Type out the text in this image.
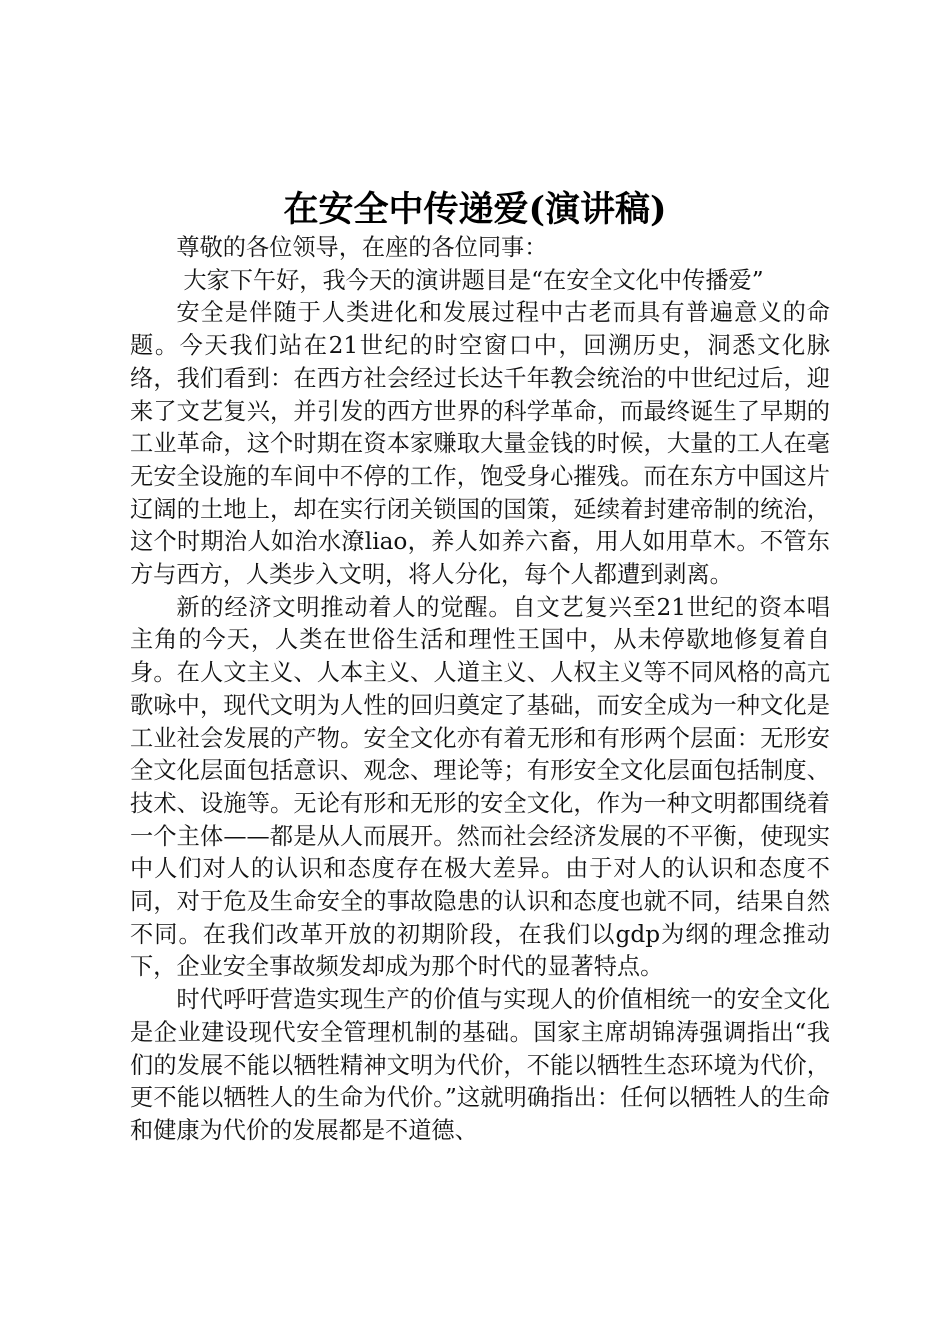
在安全中传递爱(演讲稿)

尊敬的各位领导，在座的各位同事：

大家下午好，我今天的演讲题目是“在安全文化中传播爱”

安全是伴随于人类进化和发展过程中古老而具有普遍意义的命题。今天我们站在21世纪的时空窗口中，回溯历史，洞悉文化脉络，我们看到：在西方社会经过长达千年教会统治的中世纪过后，迎来了文艺复兴，并引发的西方世界的科学革命，而最终诞生了早期的工业革命，这个时期在资本家赚取大量金钱的时候，大量的工人在毫无安全设施的车间中不停的工作，饱受身心摧残。而在东方中国这片辽阔的土地上，却在实行闭关锁国的国策，延续着封建帝制的统治，这个时期治人如治水潦liao，养人如养六畜，用人如用草木。不管东方与西方，人类步入文明，将人分化，每个人都遭到剥离。

新的经济文明推动着人的觉醒。自文艺复兴至21世纪的资本唱主角的今天，人类在世俗生活和理性王国中，从未停歇地修复着自身。在人文主义、人本主义、人道主义、人权主义等不同风格的高亢歌咏中，现代文明为人性的回归奠定了基础，而安全成为一种文化是工业社会发展的产物。安全文化亦有着无形和有形两个层面：无形安全文化层面包括意识、观念、理论等；有形安全文化层面包括制度、技术、设施等。无论有形和无形的安全文化，作为一种文明都围绕着一个主体——都是从人而展开。然而社会经济发展的不平衡，使现实中人们对人的认识和态度存在极大差异。由于对人的认识和态度不同，对于危及生命安全的事故隐患的认识和态度也就不同，结果自然不同。在我们改革开放的初期阶段，在我们以gdp为纲的理念推动下，企业安全事故频发却成为那个时代的显著特点。

时代呼吁营造实现生产的价值与实现人的价值相统一的安全文化是企业建设现代安全管理机制的基础。国家主席胡锦涛强调指出“我们的发展不能以牺牲精神文明为代价，不能以牺牲生态环境为代价，更不能以牺牲人的生命为代价。”这就明确指出：任何以牺牲人的生命和健康为代价的发展都是不道德、
